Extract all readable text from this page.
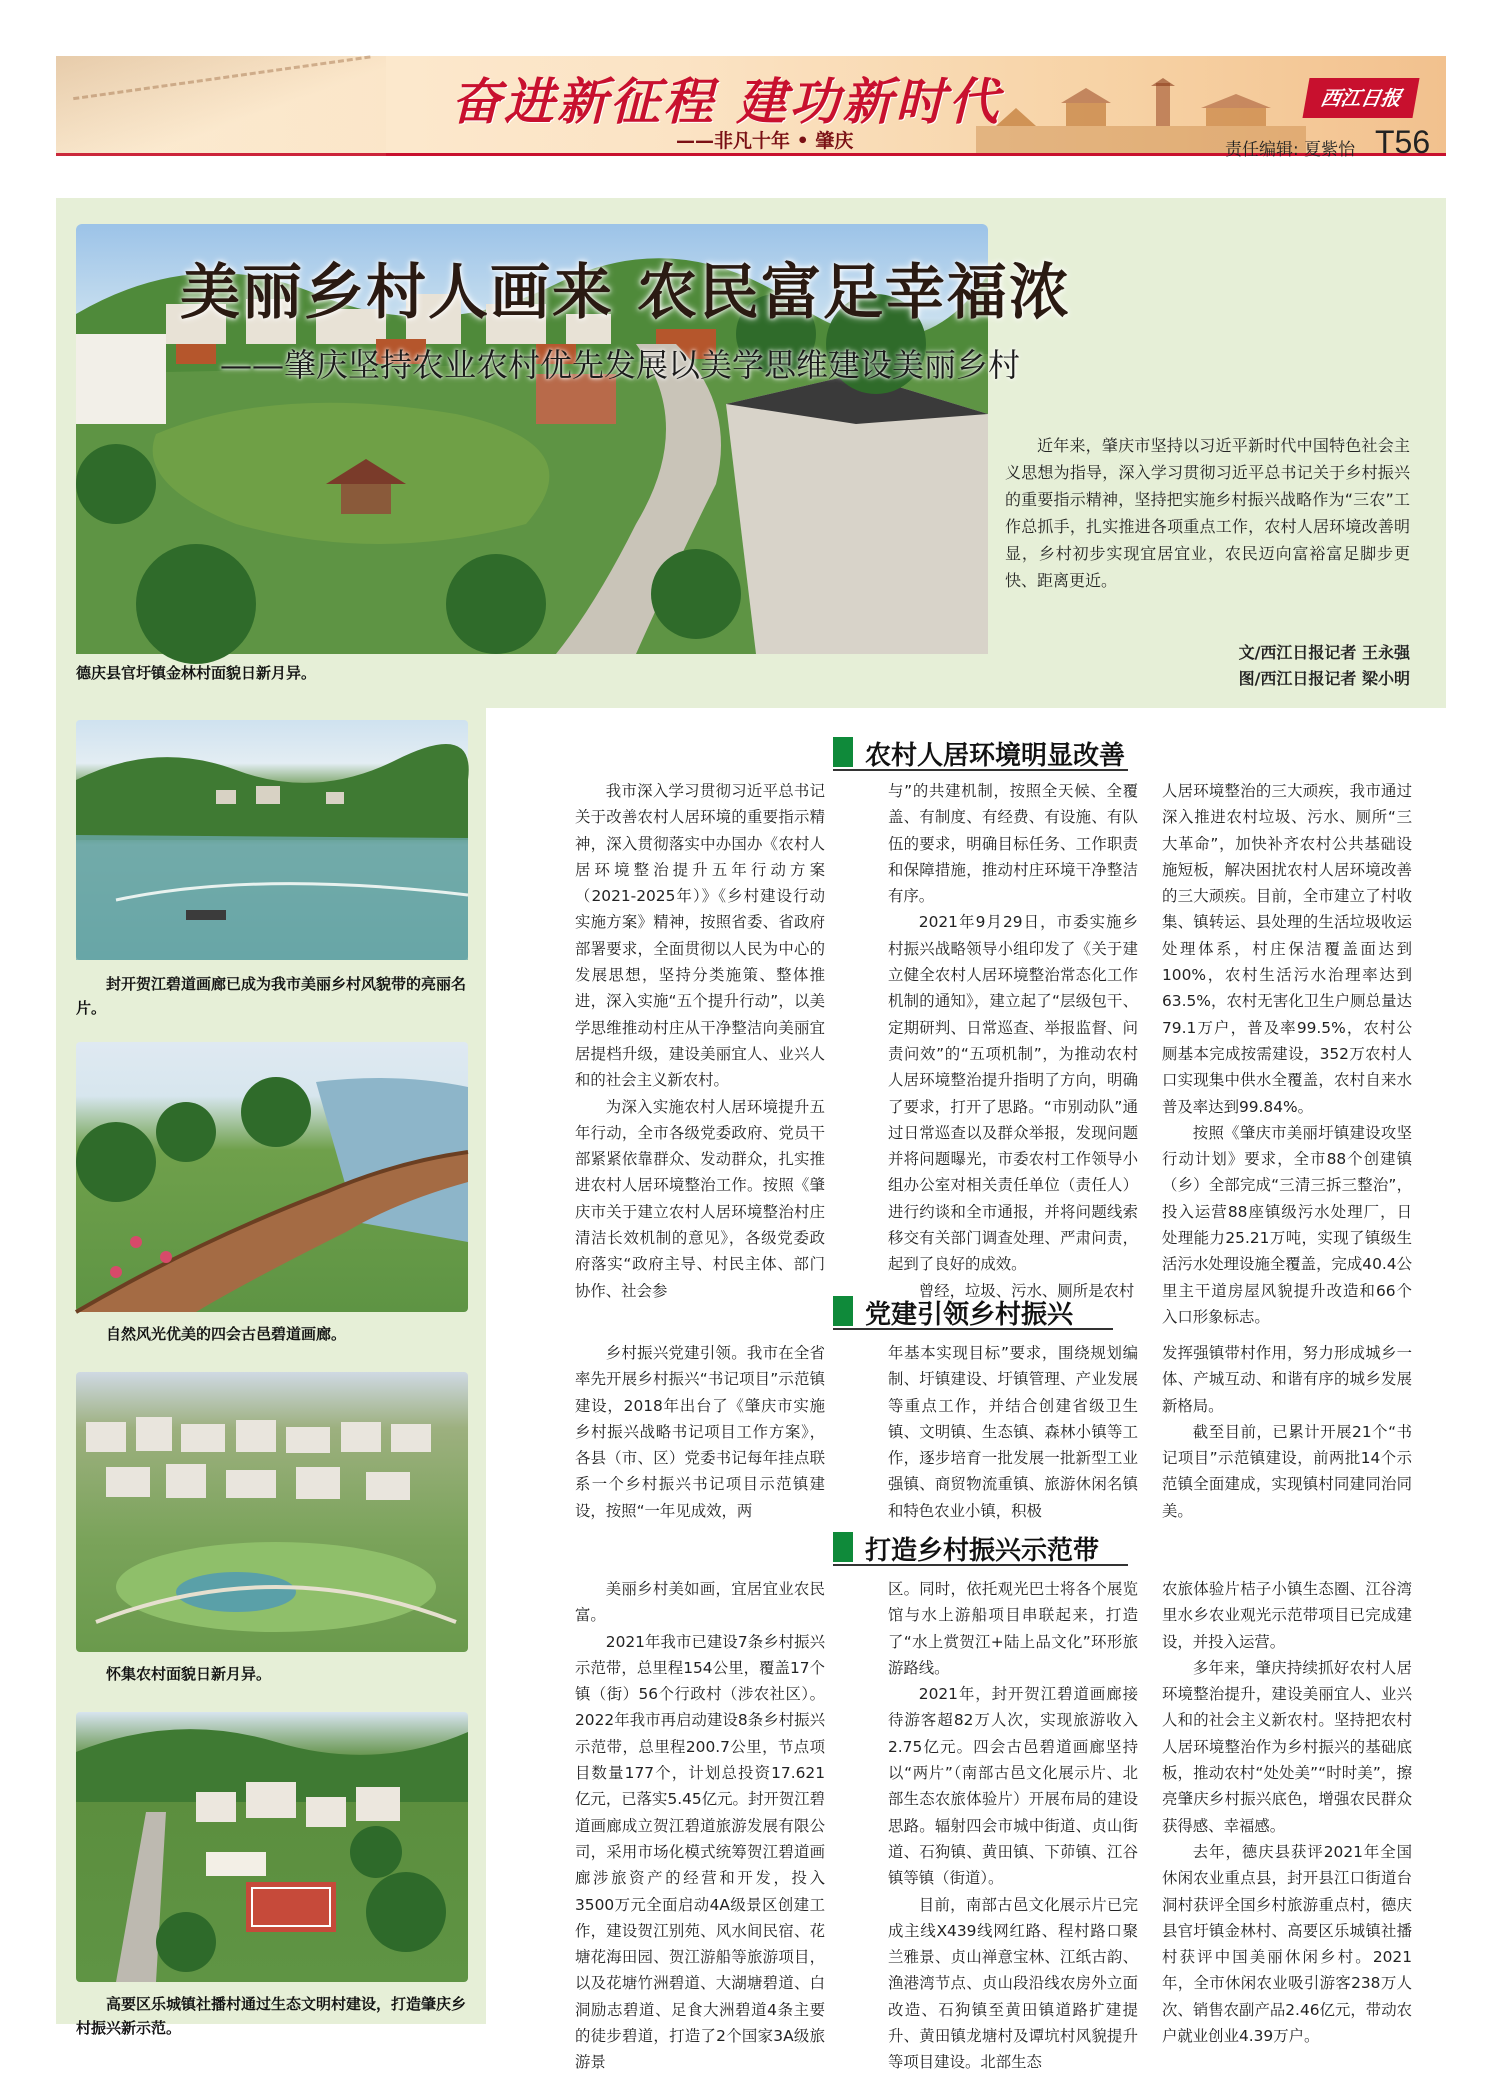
奋进新征程 建功新时代
——非凡十年 • 肇庆
西江日报
责任编辑: 夏紫怡 T56
美丽乡村人画来 农民富足幸福浓
——肇庆坚持农业农村优先发展以美学思维建设美丽乡村
德庆县官圩镇金林村面貌日新月异。
近年来，肇庆市坚持以习近平新时代中国特色社会主义思想为指导，深入学习贯彻习近平总书记关于乡村振兴的重要指示精神，坚持把实施乡村振兴战略作为“三农”工作总抓手，扎实推进各项重点工作，农村人居环境改善明显，乡村初步实现宜居宜业，农民迈向富裕富足脚步更快、距离更近。
文/西江日报记者 王永强
图/西江日报记者 梁小明
封开贺江碧道画廊已成为我市美丽乡村风貌带的亮丽名片。
自然风光优美的四会古邑碧道画廊。
怀集农村面貌日新月异。
高要区乐城镇社播村通过生态文明村建设，打造肇庆乡村振兴新示范。
农村人居环境明显改善

我市深入学习贯彻习近平总书记关于改善农村人居环境的重要指示精神，深入贯彻落实中办国办《农村人居环境整治提升五年行动方案（2021-2025年）》《乡村建设行动实施方案》精神，按照省委、省政府部署要求，全面贯彻以人民为中心的发展思想，坚持分类施策、整体推进，深入实施“五个提升行动”，以美学思维推动村庄从干净整洁向美丽宜居提档升级，建设美丽宜人、业兴人和的社会主义新农村。

为深入实施农村人居环境提升五年行动，全市各级党委政府、党员干部紧紧依靠群众、发动群众，扎实推进农村人居环境整治工作。按照《肇庆市关于建立农村人居环境整治村庄清洁长效机制的意见》，各级党委政府落实“政府主导、村民主体、部门协作、社会参

与”的共建机制，按照全天候、全覆盖、有制度、有经费、有设施、有队伍的要求，明确目标任务、工作职责和保障措施，推动村庄环境干净整洁有序。

2021年9月29日，市委实施乡村振兴战略领导小组印发了《关于建立健全农村人居环境整治常态化工作机制的通知》，建立起了“层级包干、定期研判、日常巡查、举报监督、问责问效”的“五项机制”，为推动农村人居环境整治提升指明了方向，明确了要求，打开了思路。“市别动队”通过日常巡查以及群众举报，发现问题并将问题曝光，市委农村工作领导小组办公室对相关责任单位（责任人）进行约谈和全市通报，并将问题线索移交有关部门调查处理、严肃问责，起到了良好的成效。

曾经，垃圾、污水、厕所是农村

人居环境整治的三大顽疾，我市通过深入推进农村垃圾、污水、厕所“三大革命”，加快补齐农村公共基础设施短板，解决困扰农村人居环境改善的三大顽疾。目前，全市建立了村收集、镇转运、县处理的生活垃圾收运处理体系，村庄保洁覆盖面达到100%，农村生活污水治理率达到63.5%，农村无害化卫生户厕总量达79.1万户，普及率99.5%，农村公厕基本完成按需建设，352万农村人口实现集中供水全覆盖，农村自来水普及率达到99.84%。

按照《肇庆市美丽圩镇建设攻坚行动计划》要求，全市88个创建镇（乡）全部完成“三清三拆三整治”，投入运营88座镇级污水处理厂，日处理能力25.21万吨，实现了镇级生活污水处理设施全覆盖，完成40.4公里主干道房屋风貌提升改造和66个入口形象标志。

党建引领乡村振兴

乡村振兴党建引领。我市在全省率先开展乡村振兴“书记项目”示范镇建设，2018年出台了《肇庆市实施乡村振兴战略书记项目工作方案》，各县（市、区）党委书记每年挂点联系一个乡村振兴书记项目示范镇建设，按照“一年见成效，两

年基本实现目标”要求，围绕规划编制、圩镇建设、圩镇管理、产业发展等重点工作，并结合创建省级卫生镇、文明镇、生态镇、森林小镇等工作，逐步培育一批发展一批新型工业强镇、商贸物流重镇、旅游休闲名镇和特色农业小镇，积极

发挥强镇带村作用，努力形成城乡一体、产城互动、和谐有序的城乡发展新格局。

截至目前，已累计开展21个“书记项目”示范镇建设，前两批14个示范镇全面建成，实现镇村同建同治同美。

打造乡村振兴示范带

美丽乡村美如画，宜居宜业农民富。

2021年我市已建设7条乡村振兴示范带，总里程154公里，覆盖17个镇（街）56个行政村（涉农社区）。2022年我市再启动建设8条乡村振兴示范带，总里程200.7公里，节点项目数量177个，计划总投资17.621亿元，已落实5.45亿元。封开贺江碧道画廊成立贺江碧道旅游发展有限公司，采用市场化模式统筹贺江碧道画廊涉旅资产的经营和开发，投入3500万元全面启动4A级景区创建工作，建设贺江别苑、风水间民宿、花塘花海田园、贺江游船等旅游项目，以及花塘竹洲碧道、大湖塘碧道、白洞励志碧道、足食大洲碧道4条主要的徒步碧道，打造了2个国家3A级旅游景

区。同时，依托观光巴士将各个展览馆与水上游船项目串联起来，打造了“水上赏贺江+陆上品文化”环形旅游路线。

2021年，封开贺江碧道画廊接待游客超82万人次，实现旅游收入2.75亿元。四会古邑碧道画廊坚持以“两片”（南部古邑文化展示片、北部生态农旅体验片）开展布局的建设思路。辐射四会市城中街道、贞山街道、石狗镇、黄田镇、下茆镇、江谷镇等镇（街道）。

目前，南部古邑文化展示片已完成主线X439线网红路、程村路口聚兰雅景、贞山禅意宝林、江纸古韵、渔港湾节点、贞山段沿线农房外立面改造、石狗镇至黄田镇道路扩建提升、黄田镇龙塘村及谭坑村风貌提升等项目建设。北部生态

农旅体验片桔子小镇生态圈、江谷湾里水乡农业观光示范带项目已完成建设，并投入运营。

多年来，肇庆持续抓好农村人居环境整治提升，建设美丽宜人、业兴人和的社会主义新农村。坚持把农村人居环境整治作为乡村振兴的基础底板，推动农村“处处美”“时时美”，擦亮肇庆乡村振兴底色，增强农民群众获得感、幸福感。

去年，德庆县获评2021年全国休闲农业重点县，封开县江口街道台洞村获评全国乡村旅游重点村，德庆县官圩镇金林村、高要区乐城镇社播村获评中国美丽休闲乡村。2021年，全市休闲农业吸引游客238万人次、销售农副产品2.46亿元，带动农户就业创业4.39万户。
